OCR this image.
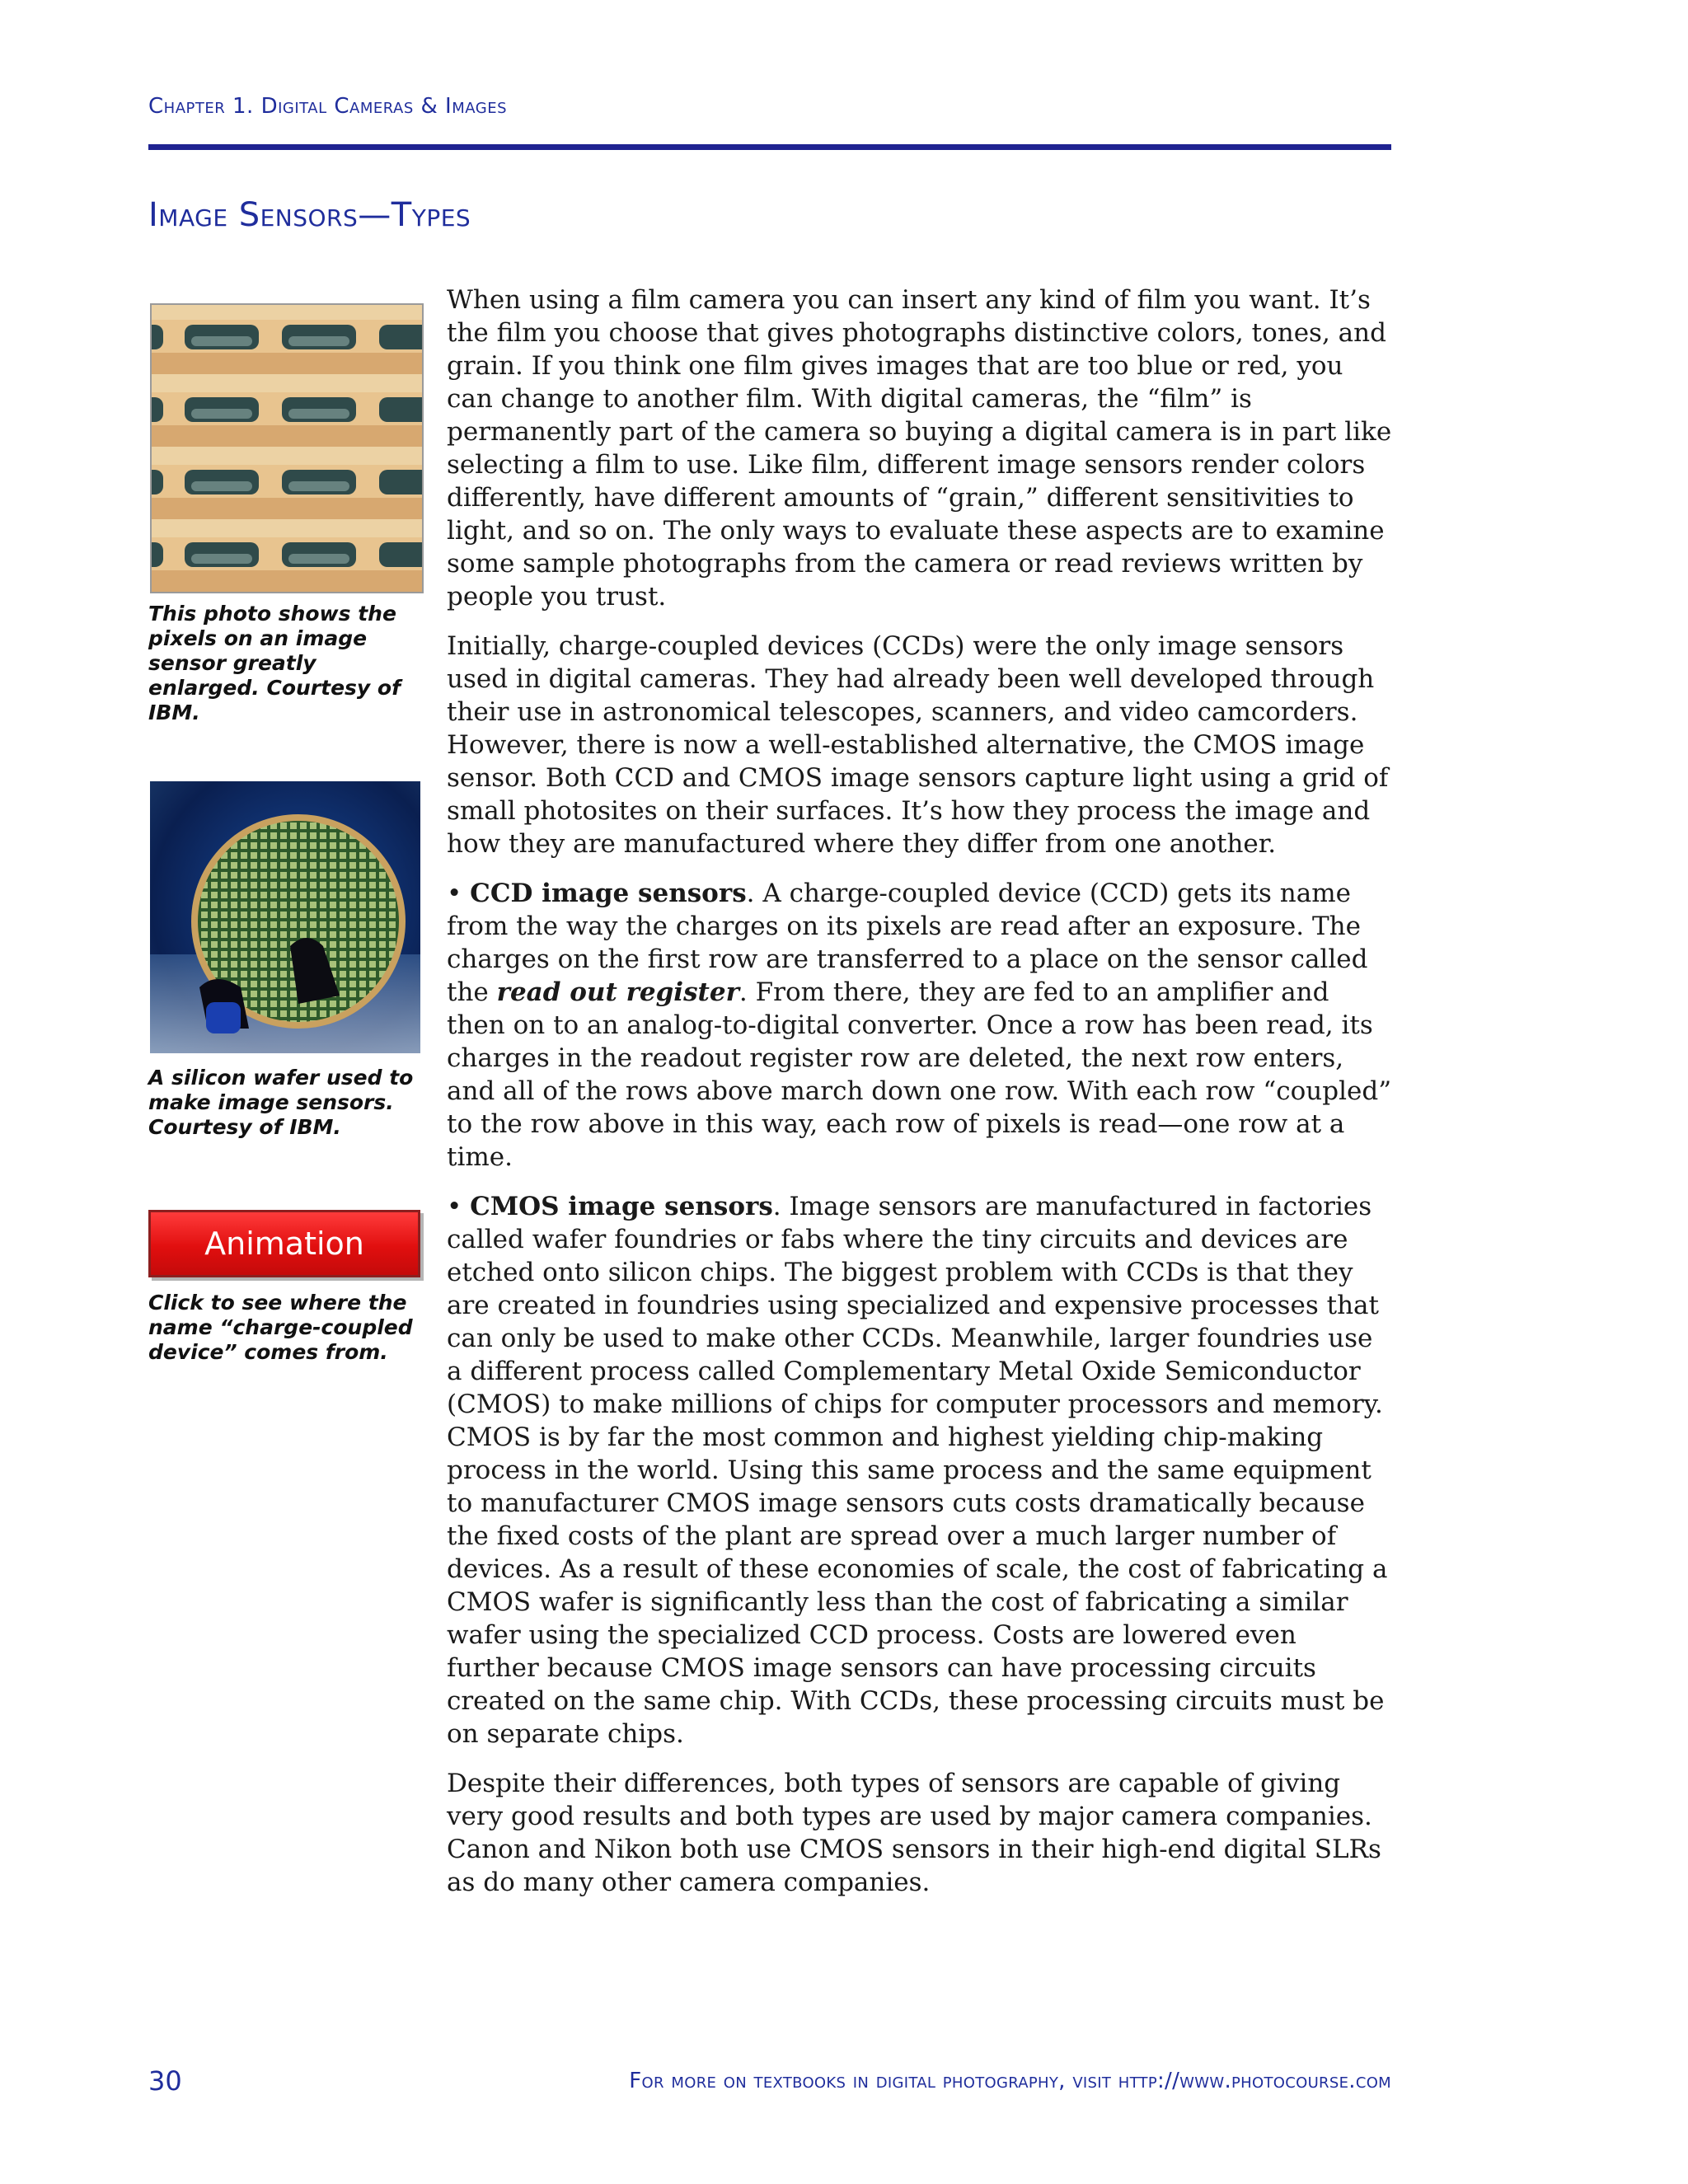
Chapter 1. Digital Cameras & Images
Image Sensors—Types
This photo shows the pixels on an image sensor greatly enlarged. Courtesy of IBM.
A silicon wafer used to make image sensors. Courtesy of IBM.
Animation
Click to see where the name “charge-coupled device” comes from.

When using a film camera you can insert any kind of film you want. It’s the film you choose that gives photographs distinctive colors, tones, and grain. If you think one film gives images that are too blue or red, you can change to another film. With digital cameras, the “film” is permanently part of the camera so buying a digital camera is in part like selecting a film to use. Like film, different image sensors render colors differently, have different amounts of “grain,” different sensitivities to light, and so on. The only ways to evaluate these aspects are to examine some sample photographs from the camera or read reviews written by people you trust.

Initially, charge-coupled devices (CCDs) were the only image sensors used in digital cameras. They had already been well developed through their use in astronomical telescopes, scanners, and video camcorders. However, there is now a well-established alternative, the CMOS image sensor. Both CCD and CMOS image sensors capture light using a grid of small photosites on their surfaces. It’s how they process the image and how they are manufactured where they differ from one another.

• CCD image sensors. A charge-coupled device (CCD) gets its name from the way the charges on its pixels are read after an exposure. The charges on the first row are transferred to a place on the sensor called the read out register. From there, they are fed to an amplifier and then on to an analog-to-digital converter. Once a row has been read, its charges in the readout register row are deleted, the next row enters, and all of the rows above march down one row. With each row “coupled” to the row above in this way, each row of pixels is read—one row at a time.

• CMOS image sensors. Image sensors are manufactured in factories called wafer foundries or fabs where the tiny circuits and devices are etched onto silicon chips. The biggest problem with CCDs is that they are created in foundries using specialized and expensive processes that can only be used to make other CCDs. Meanwhile, larger foundries use a different process called Complementary Metal Oxide Semiconductor (CMOS) to make millions of chips for computer processors and memory. CMOS is by far the most common and highest yielding chip-making process in the world. Using this same process and the same equipment to manufacturer CMOS image sensors cuts costs dramatically because the fixed costs of the plant are spread over a much larger number of devices. As a result of these economies of scale, the cost of fabricating a CMOS wafer is significantly less than the cost of fabricating a similar wafer using the specialized CCD process. Costs are lowered even further because CMOS image sensors can have processing circuits created on the same chip. With CCDs, these processing circuits must be on separate chips.

Despite their differences, both types of sensors are capable of giving very good results and both types are used by major camera companies. Canon and Nikon both use CMOS sensors in their high-end digital SLRs as do many other camera companies.

30	For more on textbooks in digital photography, visit http://www.photocourse.com
